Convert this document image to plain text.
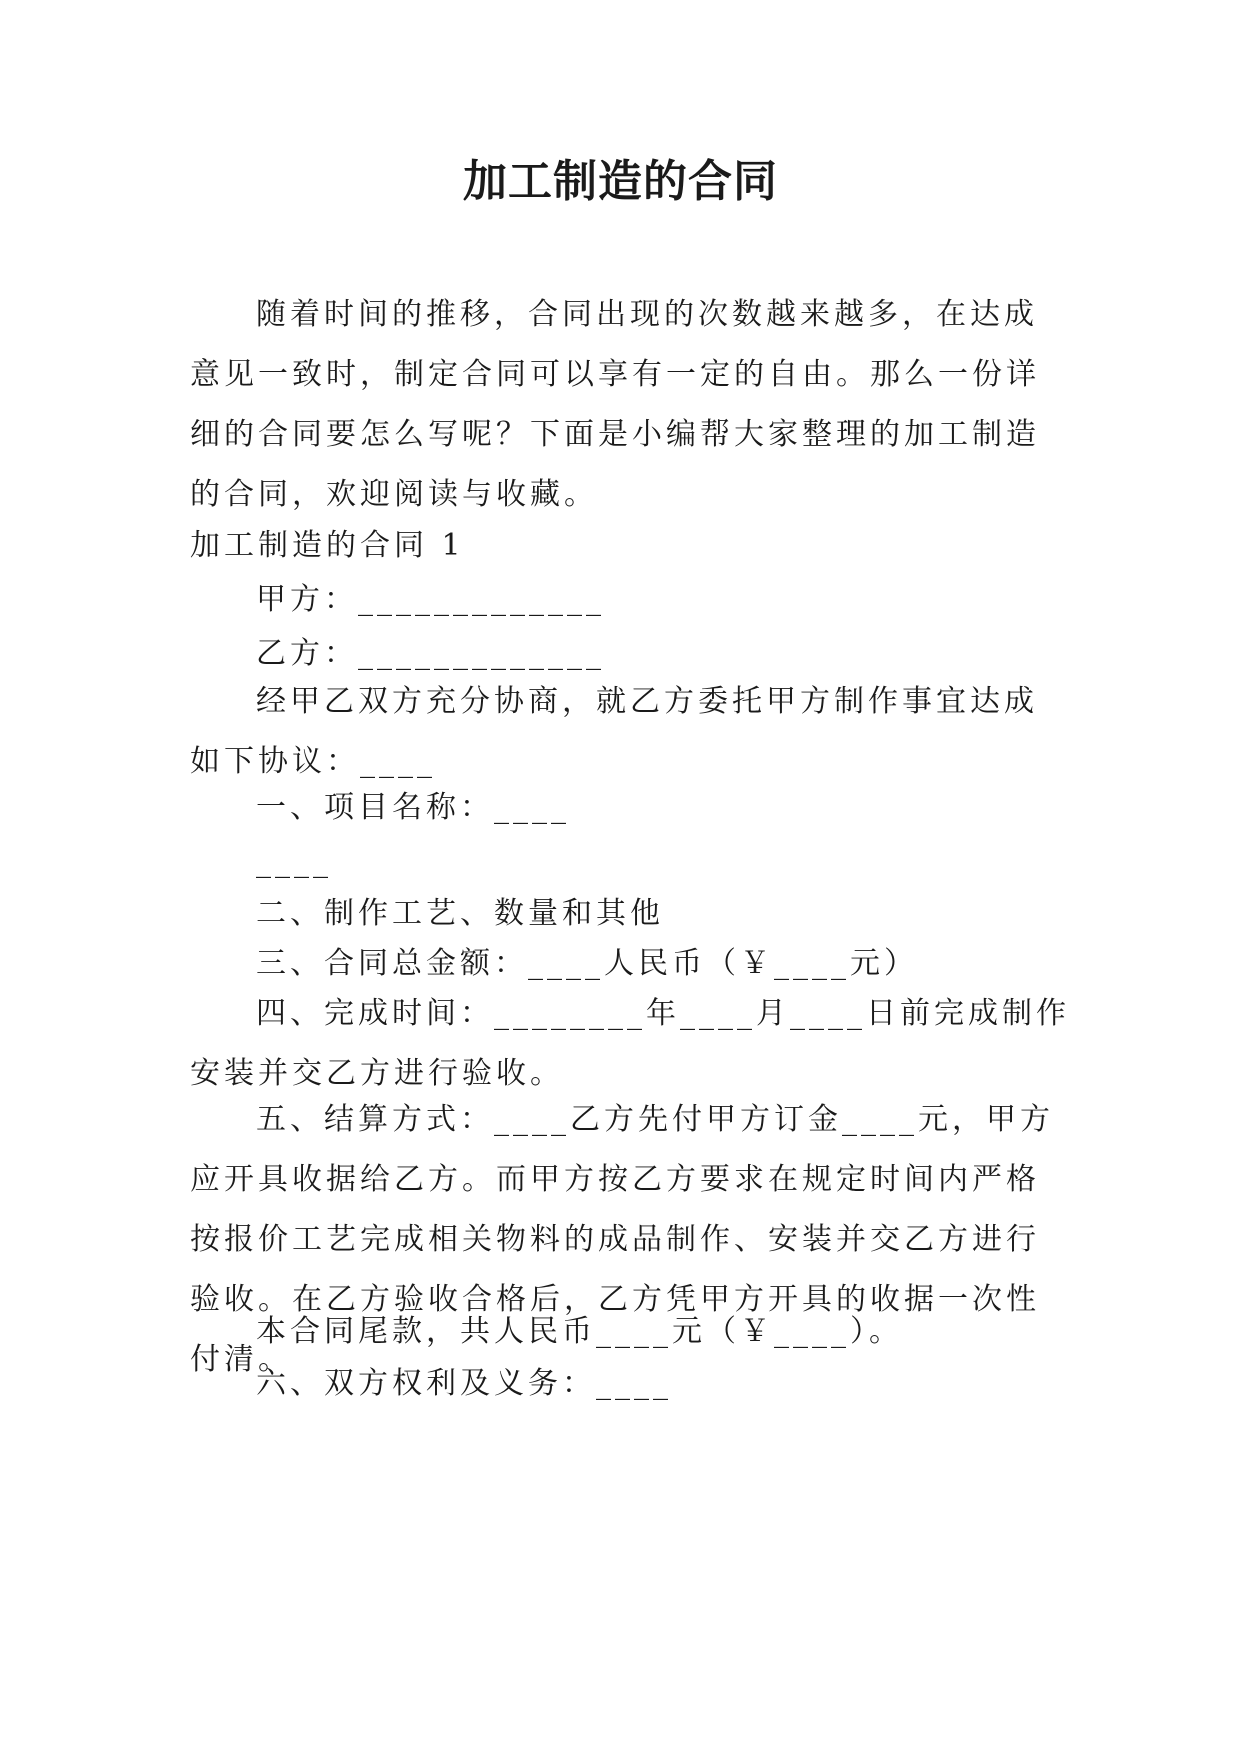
加工制造的合同
随着时间的推移，合同出现的次数越来越多，在达成意见一致时，制定合同可以享有一定的自由。那么一份详细的合同要怎么写呢？下面是小编帮大家整理的加工制造的合同，欢迎阅读与收藏。
加工制造的合同 1
甲方：_____________
乙方：_____________
经甲乙双方充分协商，就乙方委托甲方制作事宜达成如下协议：____
一、项目名称：____
____
二、制作工艺、数量和其他
三、合同总金额：____人民币（￥____元）
四、完成时间：________年____月____日前完成制作安装并交乙方进行验收。
五、结算方式：____乙方先付甲方订金____元，甲方应开具收据给乙方。而甲方按乙方要求在规定时间内严格按报价工艺完成相关物料的成品制作、安装并交乙方进行验收。在乙方验收合格后，乙方凭甲方开具的收据一次性付清。
本合同尾款，共人民币____元（￥____）。
六、双方权利及义务：____
